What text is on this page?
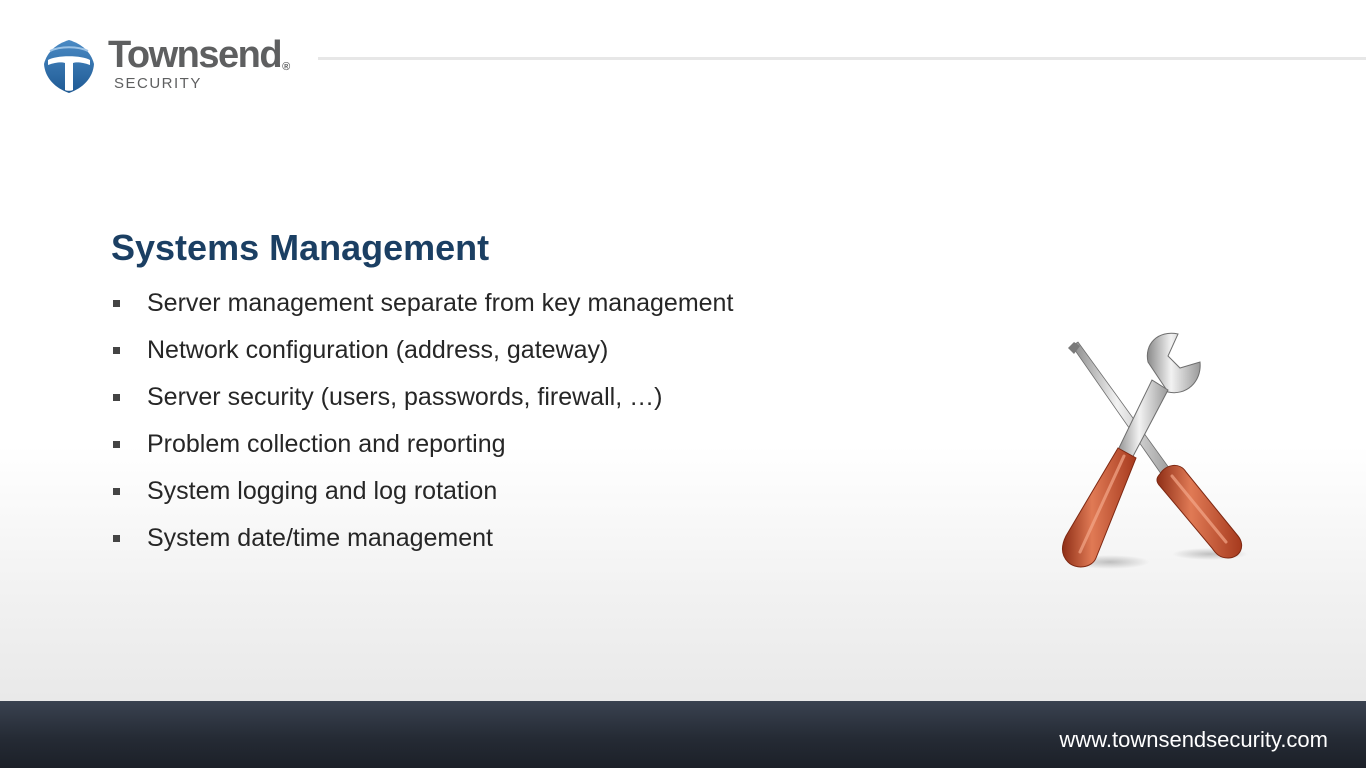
Townsend®
SECURITY
Systems Management
Server management separate from key management
Network configuration (address, gateway)
Server security (users, passwords, firewall, …)
Problem collection and reporting
System logging and log rotation
System date/time management
www.townsendsecurity.com
